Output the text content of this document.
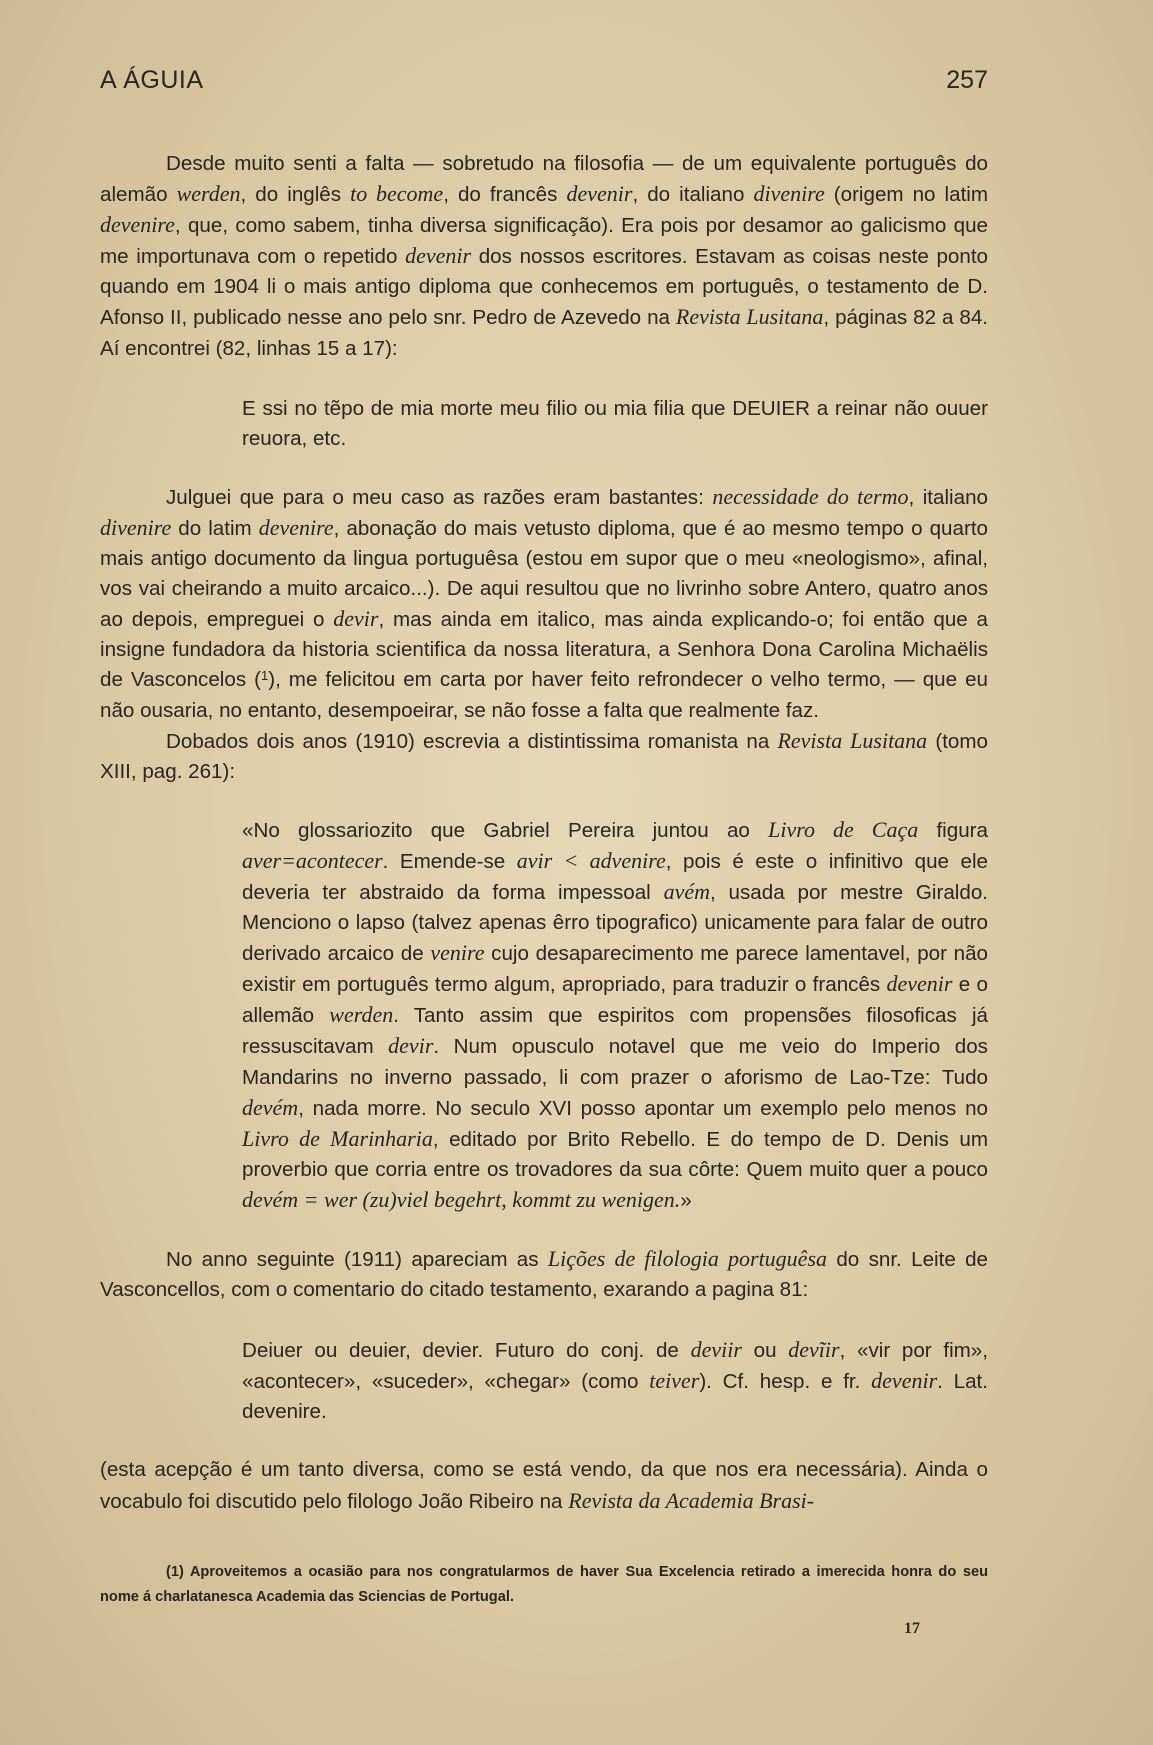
A ÁGUIA	257

Desde muito senti a falta — sobretudo na filosofia — de um equivalente português do alemão werden, do inglês to become, do francês devenir, do italiano divenire (origem no latim devenire, que, como sabem, tinha diversa significação). Era pois por desamor ao galicismo que me importunava com o repetido devenir dos nossos escritores. Estavam as coisas neste ponto quando em 1904 li o mais antigo diploma que conhecemos em português, o testamento de D. Afonso II, publicado nesse ano pelo snr. Pedro de Azevedo na Revista Lusitana, páginas 82 a 84. Aí encontrei (82, linhas 15 a 17):

E ssi no tẽpo de mia morte meu filio ou mia filia que DEUIER a reinar não ouuer reuora, etc.

Julguei que para o meu caso as razões eram bastantes: necessidade do termo, italiano divenire do latim devenire, abonação do mais vetusto diploma, que é ao mesmo tempo o quarto mais antigo documento da lingua portuguêsa (estou em supor que o meu «neologismo», afinal, vos vai cheirando a muito arcaico...). De aqui resultou que no livrinho sobre Antero, quatro anos ao depois, empreguei o devir, mas ainda em italico, mas ainda explicando-o; foi então que a insigne fundadora da historia scientifica da nossa literatura, a Senhora Dona Carolina Michaëlis de Vasconcelos ($^1$), me felicitou em carta por haver feito refrondecer o velho termo, — que eu não ousaria, no entanto, desempoeirar, se não fosse a falta que realmente faz.

Dobados dois anos (1910) escrevia a distintissima romanista na Revista Lusitana (tomo XIII, pag. 261):

«No glossariozito que Gabriel Pereira juntou ao Livro de Caça figura aver=acontecer. Emende-se avir < advenire, pois é este o infinitivo que ele deveria ter abstraido da forma impessoal avém, usada por mestre Giraldo. Menciono o lapso (talvez apenas êrro tipografico) unicamente para falar de outro derivado arcaico de venire cujo desaparecimento me parece lamentavel, por não existir em português termo algum, apropriado, para traduzir o francês devenir e o allemão werden. Tanto assim que espiritos com propensões filosoficas já ressuscitavam devir. Num opusculo notavel que me veio do Imperio dos Mandarins no inverno passado, li com prazer o aforismo de Lao-Tze: Tudo devém, nada morre. No seculo XVI posso apontar um exemplo pelo menos no Livro de Marinharia, editado por Brito Rebello. E do tempo de D. Denis um proverbio que corria entre os trovadores da sua côrte: Quem muito quer a pouco devém = wer (zu)viel begehrt, kommt zu wenigen.»

No anno seguinte (1911) apareciam as Lições de filologia portuguêsa do snr. Leite de Vasconcellos, com o comentario do citado testamento, exarando a pagina 81:

Deiuer ou deuier, devier. Futuro do conj. de deviir ou devĩir, «vir por fim», «acontecer», «suceder», «chegar» (como teiver). Cf. hesp. e fr. devenir. Lat. devenire.

(esta acepção é um tanto diversa, como se está vendo, da que nos era necessária). Ainda o vocabulo foi discutido pelo filologo João Ribeiro na Revista da Academia Brasi-

(1) Aproveitemos a ocasião para nos congratularmos de haver Sua Excelencia retirado a imerecida honra do seu nome á charlatanesca Academia das Sciencias de Portugal.
17
